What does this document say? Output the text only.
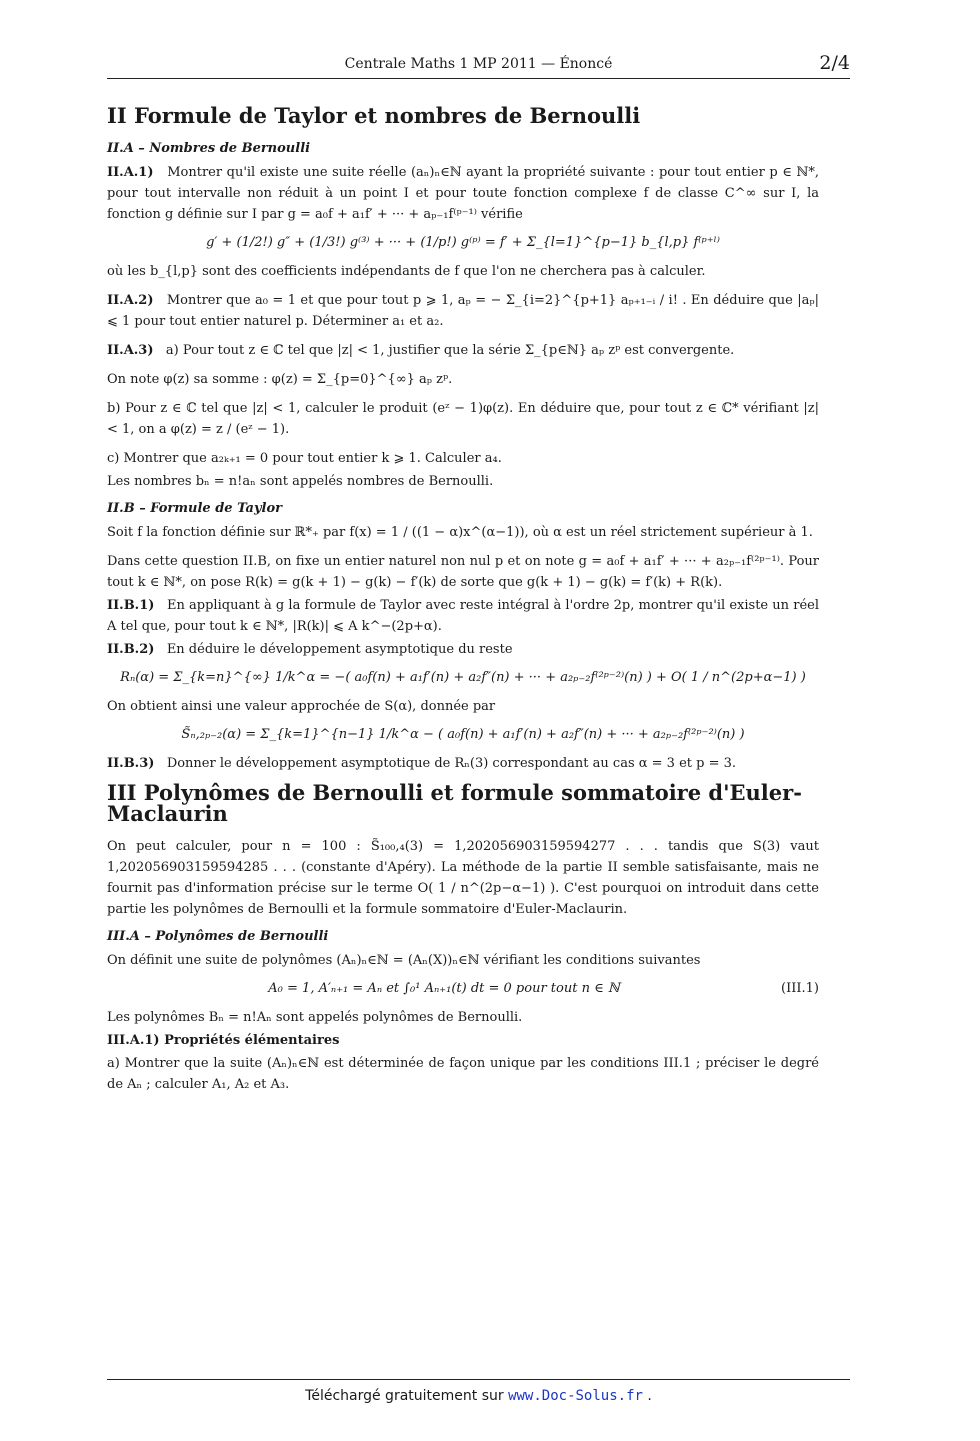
Centrale Maths 1 MP 2011 — Énoncé	2/4
II Formule de Taylor et nombres de Bernoulli
II.A – Nombres de Bernoulli

II.A.1) Montrer qu'il existe une suite réelle (aₙ)ₙ∈ℕ ayant la propriété suivante : pour tout entier p ∈ ℕ*, pour tout intervalle non réduit à un point I et pour toute fonction complexe f de classe C^∞ sur I, la fonction g définie sur I par g = a₀f + a₁f′ + ··· + aₚ₋₁f⁽ᵖ⁻¹⁾ vérifie

g′ + (1/2!) g″ + (1/3!) g⁽³⁾ + ··· + (1/p!) g⁽ᵖ⁾ = f′ + Σ_{l=1}^{p−1} b_{l,p} f⁽ᵖ⁺ˡ⁾

où les b_{l,p} sont des coefficients indépendants de f que l'on ne cherchera pas à calculer.

II.A.2) Montrer que a₀ = 1 et que pour tout p ⩾ 1, aₚ = − Σ_{i=2}^{p+1} aₚ₊₁₋ᵢ / i! . En déduire que |aₚ| ⩽ 1 pour tout entier naturel p. Déterminer a₁ et a₂.

II.A.3) a) Pour tout z ∈ ℂ tel que |z| < 1, justifier que la série Σ_{p∈ℕ} aₚ zᵖ est convergente.

On note φ(z) sa somme : φ(z) = Σ_{p=0}^{∞} aₚ zᵖ.

b) Pour z ∈ ℂ tel que |z| < 1, calculer le produit (eᶻ − 1)φ(z). En déduire que, pour tout z ∈ ℂ* vérifiant |z| < 1, on a φ(z) = z / (eᶻ − 1).

c) Montrer que a₂ₖ₊₁ = 0 pour tout entier k ⩾ 1. Calculer a₄.

Les nombres bₙ = n!aₙ sont appelés nombres de Bernoulli.

II.B – Formule de Taylor

Soit f la fonction définie sur ℝ*₊ par f(x) = 1 / ((1 − α)x^(α−1)), où α est un réel strictement supérieur à 1.

Dans cette question II.B, on fixe un entier naturel non nul p et on note g = a₀f + a₁f′ + ··· + a₂ₚ₋₁f⁽²ᵖ⁻¹⁾. Pour tout k ∈ ℕ*, on pose R(k) = g(k + 1) − g(k) − f′(k) de sorte que g(k + 1) − g(k) = f′(k) + R(k).

II.B.1) En appliquant à g la formule de Taylor avec reste intégral à l'ordre 2p, montrer qu'il existe un réel A tel que, pour tout k ∈ ℕ*, |R(k)| ⩽ A k^−(2p+α).

II.B.2) En déduire le développement asymptotique du reste

Rₙ(α) = Σ_{k=n}^{∞} 1/k^α = −( a₀f(n) + a₁f′(n) + a₂f″(n) + ··· + a₂ₚ₋₂f⁽²ᵖ⁻²⁾(n) ) + O( 1 / n^(2p+α−1) )

On obtient ainsi une valeur approchée de S(α), donnée par

S̃ₙ,₂ₚ₋₂(α) = Σ_{k=1}^{n−1} 1/k^α − ( a₀f(n) + a₁f′(n) + a₂f″(n) + ··· + a₂ₚ₋₂f⁽²ᵖ⁻²⁾(n) )

II.B.3) Donner le développement asymptotique de Rₙ(3) correspondant au cas α = 3 et p = 3.

III Polynômes de Bernoulli et formule sommatoire d'Euler-Maclaurin

On peut calculer, pour n = 100 : S̃₁₀₀,₄(3) = 1,202056903159594277 . . . tandis que S(3) vaut 1,202056903159594285 . . . (constante d'Apéry). La méthode de la partie II semble satisfaisante, mais ne fournit pas d'information précise sur le terme O( 1 / n^(2p−α−1) ). C'est pourquoi on introduit dans cette partie les polynômes de Bernoulli et la formule sommatoire d'Euler-Maclaurin.

III.A – Polynômes de Bernoulli

On définit une suite de polynômes (Aₙ)ₙ∈ℕ = (Aₙ(X))ₙ∈ℕ vérifiant les conditions suivantes

A₀ = 1, A′ₙ₊₁ = Aₙ et ∫₀¹ Aₙ₊₁(t) dt = 0 pour tout n ∈ ℕ	(III.1)

Les polynômes Bₙ = n!Aₙ sont appelés polynômes de Bernoulli.

III.A.1) Propriétés élémentaires

a) Montrer que la suite (Aₙ)ₙ∈ℕ est déterminée de façon unique par les conditions III.1 ; préciser le degré de Aₙ ; calculer A₁, A₂ et A₃.

Téléchargé gratuitement sur www.Doc-Solus.fr .
